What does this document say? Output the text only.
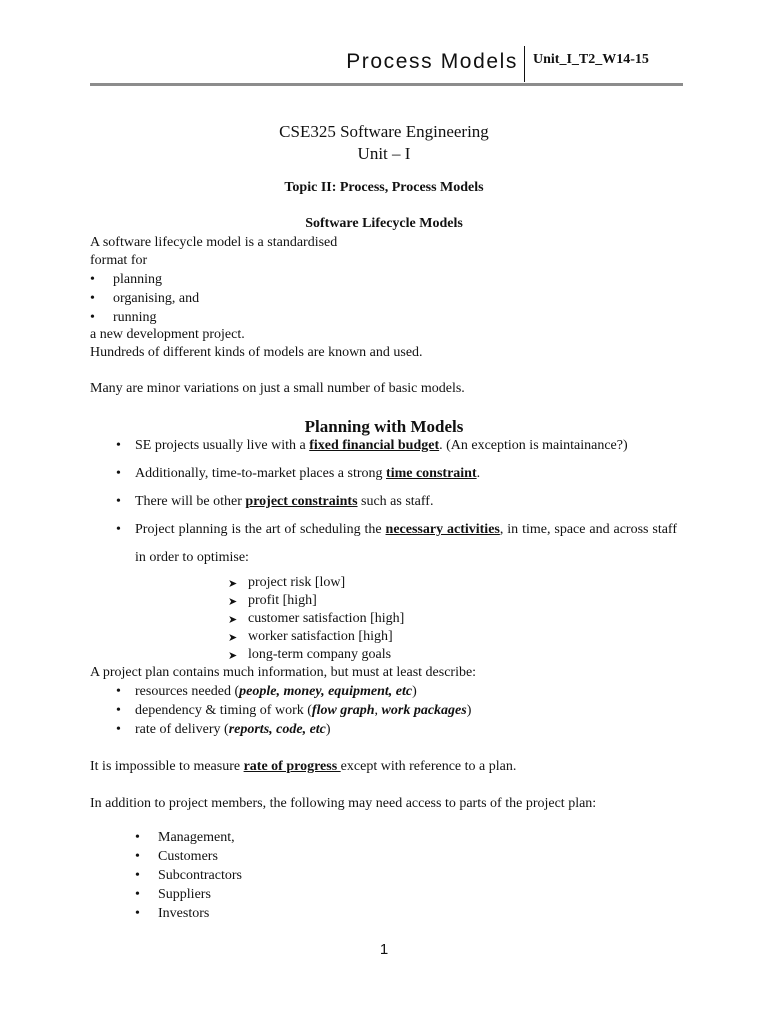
Process Models Unit_I_T2_W14-15
CSE325 Software Engineering
Unit – I
Topic II: Process, Process Models
Software Lifecycle Models
A software lifecycle model is a standardised
format for
• planning
• organising, and
• running
a new development project.
Hundreds of different kinds of models are known and used.
Many are minor variations on just a small number of basic models.
Planning with Models
• SE projects usually live with a fixed financial budget. (An exception is maintainance?)
• Additionally, time-to-market places a strong time constraint.
• There will be other project constraints such as staff.
• Project planning is the art of scheduling the necessary activities, in time, space and across staff in order to optimise:
➤ project risk [low]
➤ profit [high]
➤ customer satisfaction [high]
➤ worker satisfaction [high]
➤ long-term company goals
A project plan contains much information, but must at least describe:
• resources needed (people, money, equipment, etc)
• dependency & timing of work (flow graph, work packages)
• rate of delivery (reports, code, etc)
It is impossible to measure rate of progress except with reference to a plan.
In addition to project members, the following may need access to parts of the project plan:
• Management,
• Customers
• Subcontractors
• Suppliers
• Investors
1
